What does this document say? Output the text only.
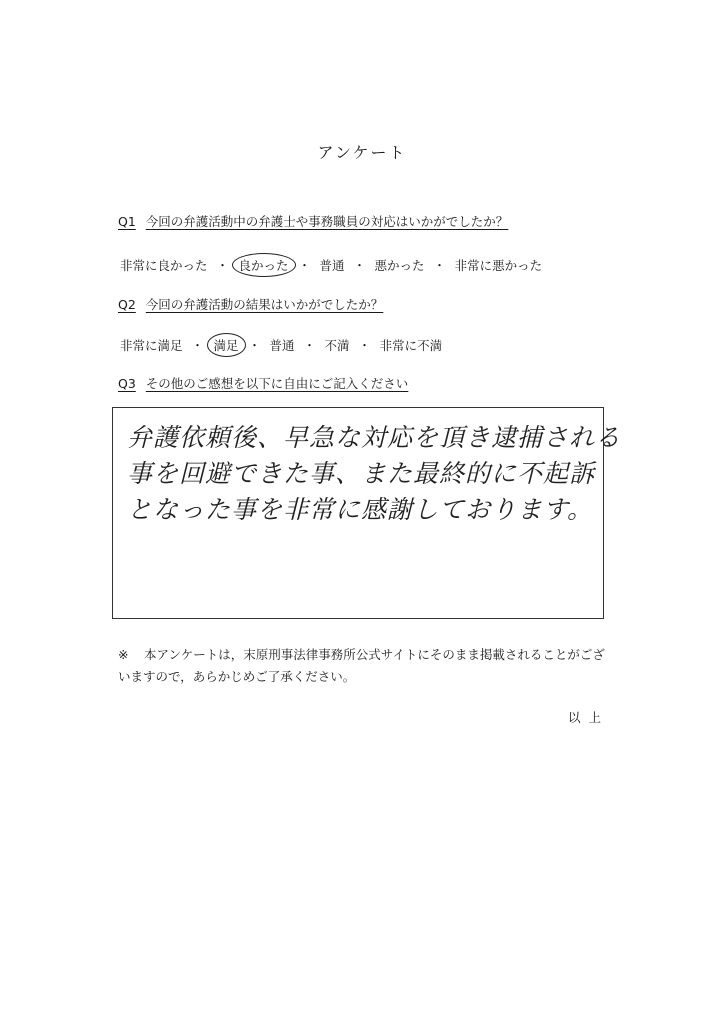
アンケート
Q1 今回の弁護活動中の弁護士や事務職員の対応はいかがでしたか？
非常に良かった ・ 良かった ・ 普通 ・ 悪かった ・ 非常に悪かった
Q2 今回の弁護活動の結果はいかがでしたか？
非常に満足 ・ 満足 ・ 普通 ・ 不満 ・ 非常に不満
Q3 その他のご感想を以下に自由にご記入ください
弁護依頼後、早急な対応を頂き逮捕される
事を回避できた事、また最終的に不起訴
となった事を非常に感謝しております。
※ 本アンケートは，末原刑事法律事務所公式サイトにそのまま掲載されることがございますので，あらかじめご了承ください。
以上
